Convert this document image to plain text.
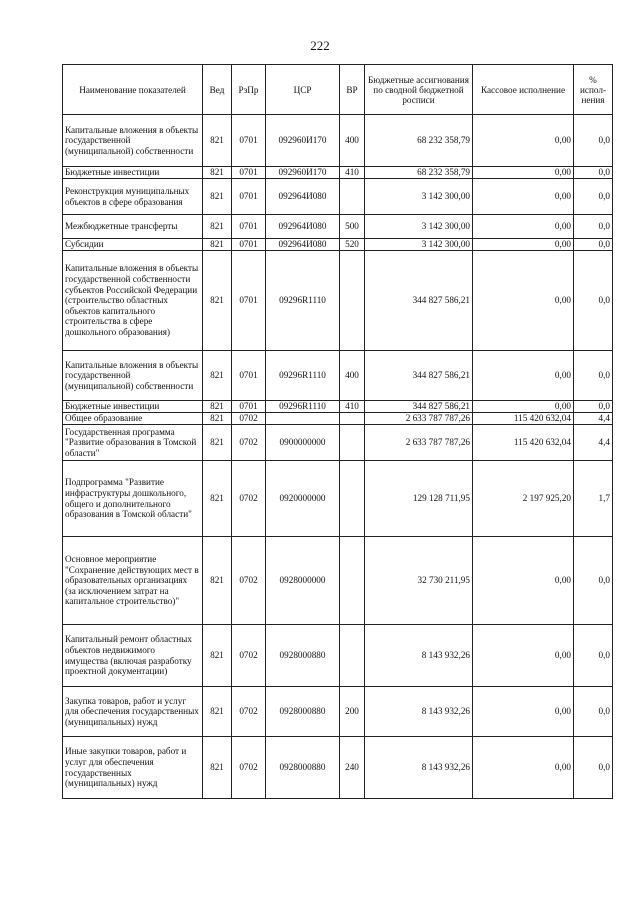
222
Наименование показателей	Вед	РзПр	ЦСР	ВР	Бюджетные ассигнования по сводной бюджетной росписи	Кассовое исполнение	% испол-нения
Капитальные вложения в объекты государственной (муниципальной) собственности	821	0701	092960И170	400	68 232 358,79	0,00	0,0
Бюджетные инвестиции	821	0701	092960И170	410	68 232 358,79	0,00	0,0
Реконструкция муниципальных объектов в сфере образования	821	0701	092964И080		3 142 300,00	0,00	0,0
Межбюджетные трансферты	821	0701	092964И080	500	3 142 300,00	0,00	0,0
Субсидии	821	0701	092964И080	520	3 142 300,00	0,00	0,0
Капитальные вложения в объекты государственной собственности субъектов Российской Федерации (строительство областных объектов капитального строительства в сфере дошкольного образования)	821	0701	09296R1110		344 827 586,21	0,00	0,0
Капитальные вложения в объекты государственной (муниципальной) собственности	821	0701	09296R1110	400	344 827 586,21	0,00	0,0
Бюджетные инвестиции	821	0701	09296R1110	410	344 827 586,21	0,00	0,0
Общее образование	821	0702			2 633 787 787,26	115 420 632,04	4,4
Государственная программа "Развитие образования в Томской области"	821	0702	0900000000		2 633 787 787,26	115 420 632,04	4,4
Подпрограмма "Развитие инфраструктуры дошкольного, общего и дополнительного образования в Томской области"	821	0702	0920000000		129 128 711,95	2 197 925,20	1,7
Основное мероприятие "Сохранение действующих мест в образовательных организациях (за исключением затрат на капитальное строительство)"	821	0702	0928000000		32 730 211,95	0,00	0,0
Капитальный ремонт областных объектов недвижимого имущества (включая разработку проектной документации)	821	0702	0928000880		8 143 932,26	0,00	0,0
Закупка товаров, работ и услуг для обеспечения государственных (муниципальных) нужд	821	0702	0928000880	200	8 143 932,26	0,00	0,0
Иные закупки товаров, работ и услуг для обеспечения государственных (муниципальных) нужд	821	0702	0928000880	240	8 143 932,26	0,00	0,0
